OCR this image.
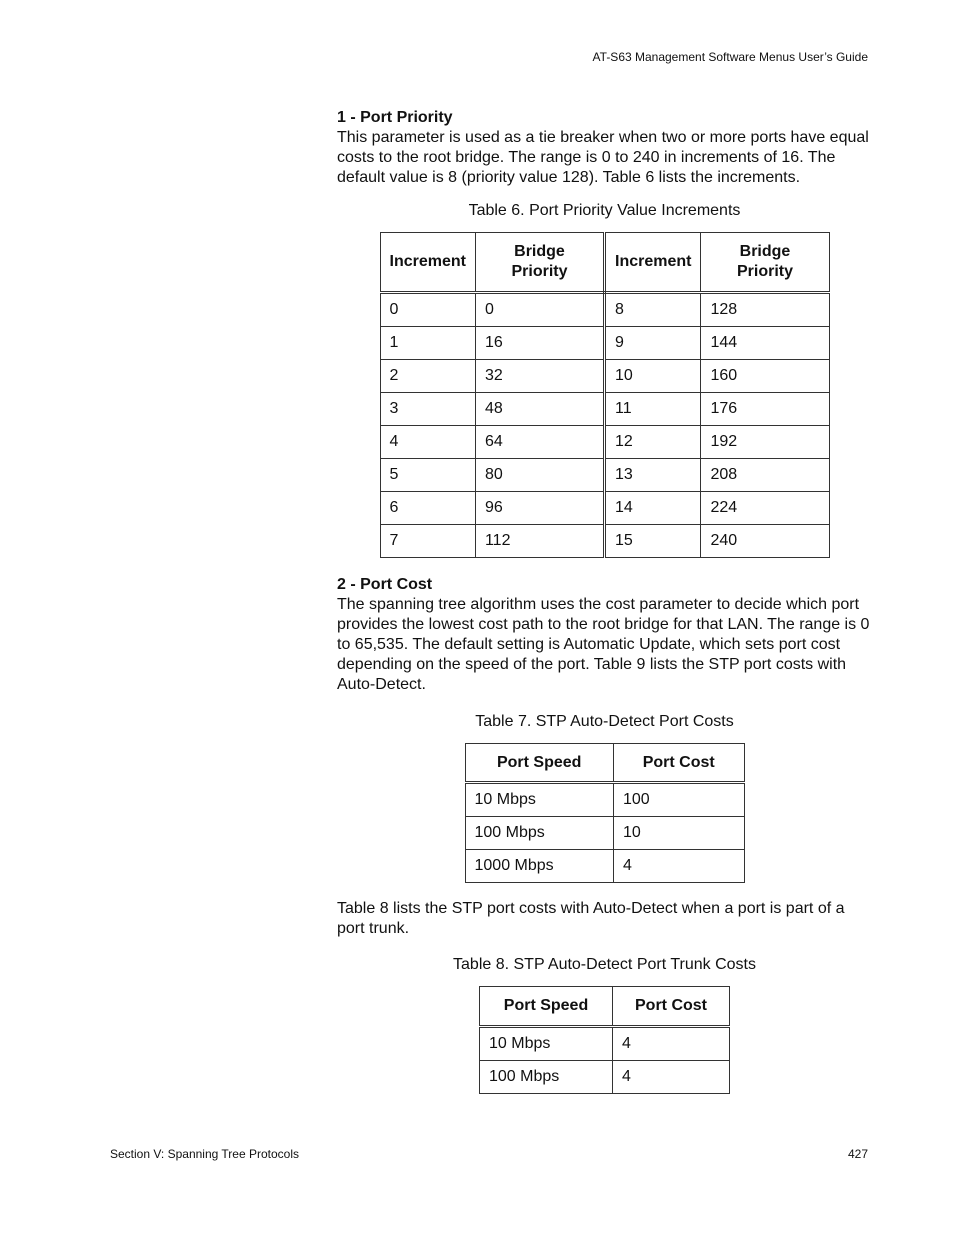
AT-S63 Management Software Menus User’s Guide

1 - Port Priority

This parameter is used as a tie breaker when two or more ports have equal costs to the root bridge. The range is 0 to 240 in increments of 16. The default value is 8 (priority value 128). Table 6 lists the increments.

Table 6. Port Priority Value Increments

Increment	Bridge Priority	Increment	Bridge Priority
0	0	8	128
1	16	9	144
2	32	10	160
3	48	11	176
4	64	12	192
5	80	13	208
6	96	14	224
7	112	15	240

2 - Port Cost

The spanning tree algorithm uses the cost parameter to decide which port provides the lowest cost path to the root bridge for that LAN. The range is 0 to 65,535. The default setting is Automatic Update, which sets port cost depending on the speed of the port. Table 9 lists the STP port costs with Auto-Detect.

Table 7. STP Auto-Detect Port Costs

Port Speed	Port Cost
10 Mbps	100
100 Mbps	10
1000 Mbps	4

Table 8 lists the STP port costs with Auto-Detect when a port is part of a port trunk.

Table 8. STP Auto-Detect Port Trunk Costs

Port Speed	Port Cost
10 Mbps	4
100 Mbps	4
Section V: Spanning Tree Protocols	427
